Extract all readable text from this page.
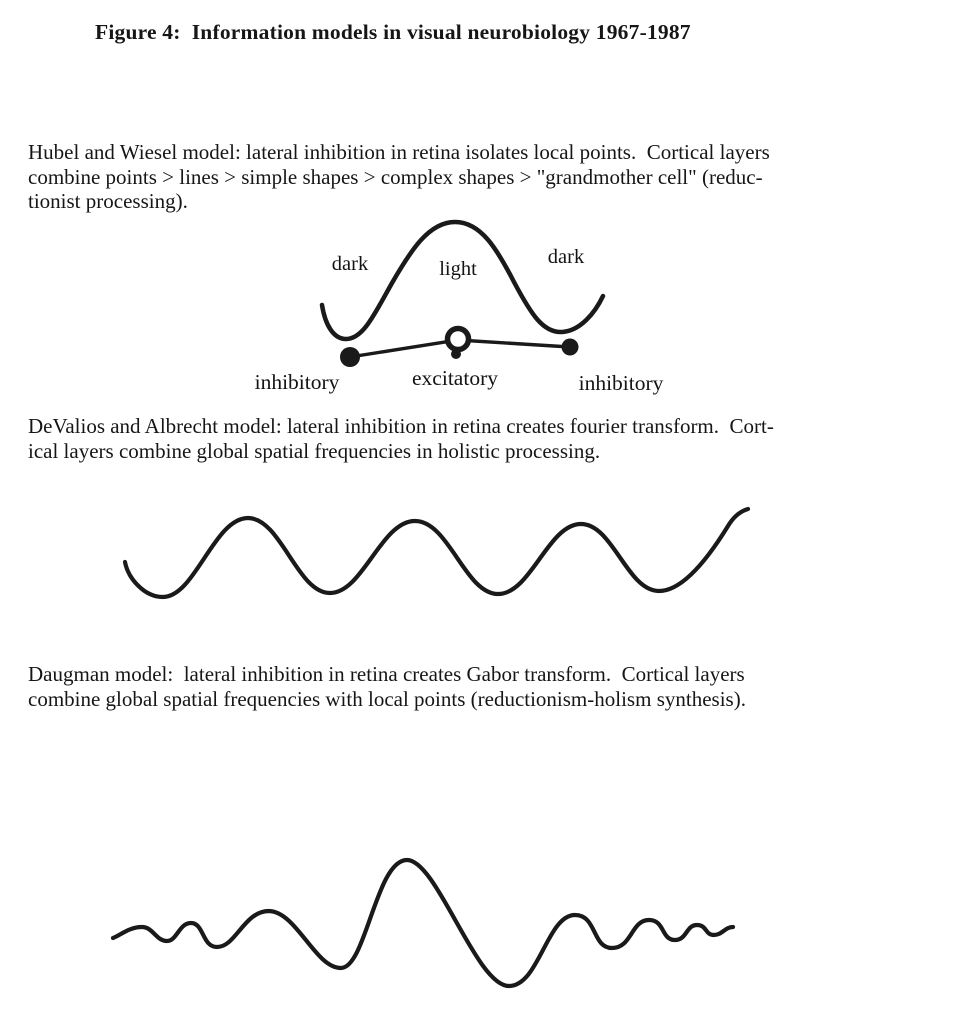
Figure 4:  Information models in visual neurobiology 1967-1987
Hubel and Wiesel model: lateral inhibition in retina isolates local points.  Cortical layers
combine points > lines > simple shapes > complex shapes > "grandmother cell" (reduc-
tionist processing).
dark	light
dark
inhibitory	excitatory	inhibitory
DeValios and Albrecht model: lateral inhibition in retina creates fourier transform.  Cort-
ical layers combine global spatial frequencies in holistic processing.
Daugman model:  lateral inhibition in retina creates Gabor transform.  Cortical layers
combine global spatial frequencies with local points (reductionism-holism synthesis).
